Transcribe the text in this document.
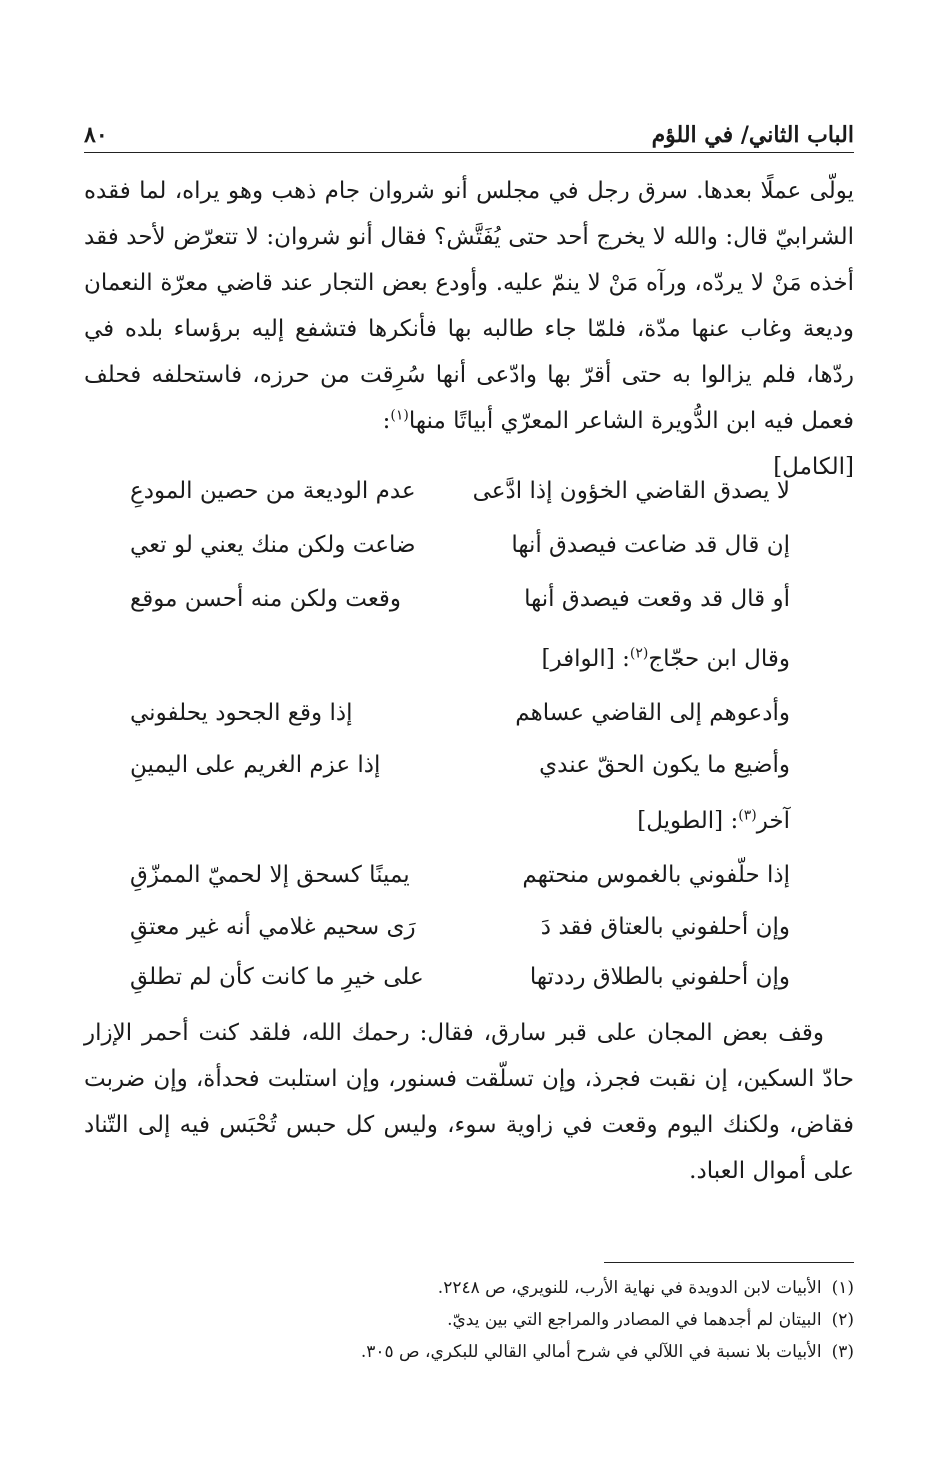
الباب الثاني/ في اللؤم
٨٠

يولّى عملًا بعدها. سرق رجل في مجلس أنو شروان جام ذهب وهو يراه، لما فقده الشرابيّ قال: والله لا يخرج أحد حتى يُفَتَّش؟ فقال أنو شروان: لا تتعرّض لأحد فقد أخذه مَنْ لا يردّه، ورآه مَنْ لا ينمّ عليه. وأودع بعض التجار عند قاضي معرّة النعمان وديعة وغاب عنها مدّة، فلمّا جاء طالبه بها فأنكرها فتشفع إليه برؤساء بلده في ردّها، فلم يزالوا به حتى أقرّ بها وادّعى أنها سُرِقت من حرزه، فاستحلفه فحلف فعمل فيه ابن الدُّويرة الشاعر المعرّي أبياتًا منها$^{(١)}$:
[الكامل]

لا يصدق القاضي الخؤون إذا ادَّعى
عدم الوديعة من حصين المودعِ
إن قال قد ضاعت فيصدق أنها
ضاعت ولكن منك يعني لو تعي
أو قال قد وقعت فيصدق أنها
وقعت ولكن منه أحسن موقع
وقال ابن حجّاج$^{(٢)}$: [الوافر]
وأدعوهم إلى القاضي عساهم
إذا وقع الجحود يحلفوني
وأضيع ما يكون الحقّ عندي
إذا عزم الغريم على اليمينِ
آخر$^{(٣)}$: [الطويل]
إذا حلّفوني بالغموس منحتهم
يمينًا كسحق إلا لحميّ الممزّقِ
وإن أحلفوني بالعتاق فقد دَ
رَى سحيم غلامي أنه غير معتقِ
وإن أحلفوني بالطلاق رددتها
على خيرِ ما كانت كأن لم تطلقِ

وقف بعض المجان على قبر سارق، فقال: رحمك الله، فلقد كنت أحمر الإزار حادّ السكين، إن نقبت فجرذ، وإن تسلّقت فسنور، وإن استلبت فحدأة، وإن ضربت فقاض، ولكنك اليوم وقعت في زاوية سوء، وليس كل حبس تُحْبَس فيه إلى التّناد على أموال العباد.

(١)الأبيات لابن الدويدة في نهاية الأرب، للنويري، ص ٢٢٤٨.
(٢)البيتان لم أجدهما في المصادر والمراجع التي بين يديّ.
(٣)الأبيات بلا نسبة في اللآلي في شرح أمالي القالي للبكري، ص ٣٠٥.
